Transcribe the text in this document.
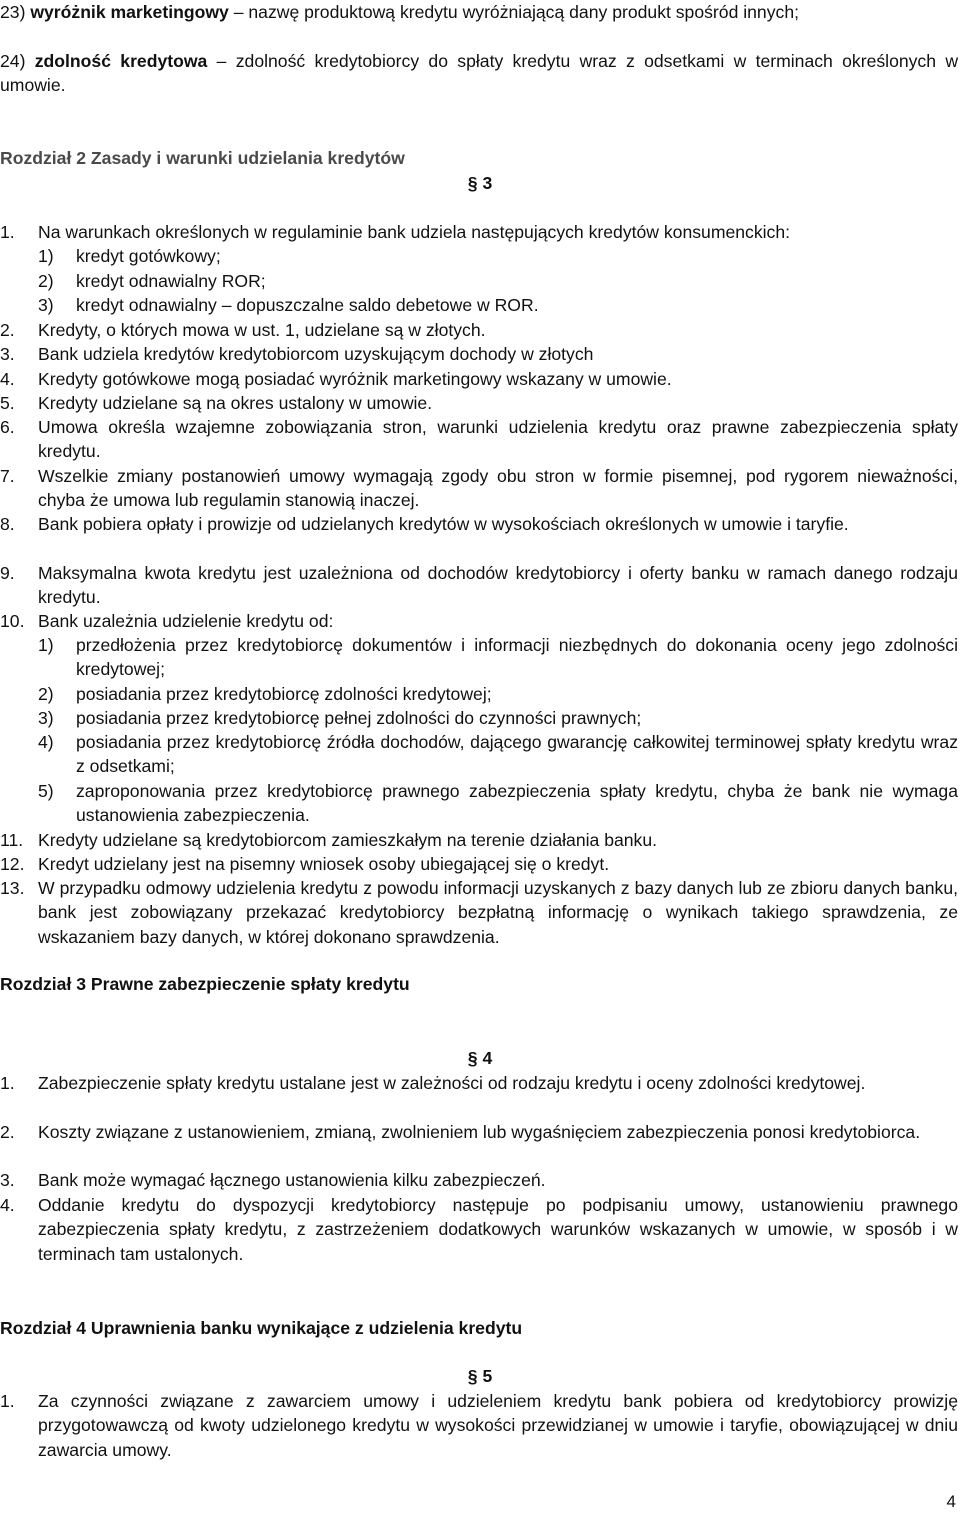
23) wyróżnik marketingowy – nazwę produktową kredytu wyróżniającą dany produkt spośród innych;
24) zdolność kredytowa – zdolność kredytobiorcy do spłaty kredytu wraz z odsetkami w terminach określonych w umowie.
Rozdział 2 Zasady i warunki udzielania kredytów
§ 3
1.	Na warunkach określonych w regulaminie bank udziela następujących kredytów konsumenckich:
1)	kredyt gotówkowy;
2)	kredyt odnawialny ROR;
3)	kredyt odnawialny – dopuszczalne saldo debetowe w ROR.
2.	Kredyty, o których mowa w ust. 1, udzielane są w złotych.
3.	Bank udziela kredytów kredytobiorcom uzyskującym dochody w złotych
4.	Kredyty gotówkowe mogą posiadać wyróżnik marketingowy wskazany w umowie.
5.	Kredyty udzielane są na okres ustalony w umowie.
6.	Umowa określa wzajemne zobowiązania stron, warunki udzielenia kredytu oraz prawne zabezpieczenia spłaty kredytu.
7.	Wszelkie zmiany postanowień umowy wymagają zgody obu stron w formie pisemnej, pod rygorem nieważności, chyba że umowa lub regulamin stanowią inaczej.
8.	Bank pobiera opłaty i prowizje od udzielanych kredytów w wysokościach określonych w umowie i taryfie.
9.	Maksymalna kwota kredytu jest uzależniona od dochodów kredytobiorcy i oferty banku w ramach danego rodzaju kredytu.
10. Bank uzależnia udzielenie kredytu od:
1)	przedłożenia przez kredytobiorcę dokumentów i informacji niezbędnych do dokonania oceny jego zdolności kredytowej;
2)	posiadania przez kredytobiorcę zdolności kredytowej;
3)	posiadania przez kredytobiorcę pełnej zdolności do czynności prawnych;
4)	posiadania przez kredytobiorcę źródła dochodów, dającego gwarancję całkowitej terminowej spłaty kredytu wraz z odsetkami;
5)	zaproponowania przez kredytobiorcę prawnego zabezpieczenia spłaty kredytu, chyba że bank nie wymaga ustanowienia zabezpieczenia.
11. Kredyty udzielane są kredytobiorcom zamieszkałym na terenie działania banku.
12. Kredyt udzielany jest na pisemny wniosek osoby ubiegającej się o kredyt.
13. W przypadku odmowy udzielenia kredytu z powodu informacji uzyskanych z bazy danych lub ze zbioru danych banku, bank jest zobowiązany przekazać kredytobiorcy bezpłatną informację o wynikach takiego sprawdzenia, ze wskazaniem bazy danych, w której dokonano sprawdzenia.
Rozdział 3 Prawne zabezpieczenie spłaty kredytu
§ 4
1.	Zabezpieczenie spłaty kredytu ustalane jest w zależności od rodzaju kredytu i oceny zdolności kredytowej.
2.	Koszty związane z ustanowieniem, zmianą, zwolnieniem lub wygaśnięciem zabezpieczenia ponosi kredytobiorca.
3.	Bank może wymagać łącznego ustanowienia kilku zabezpieczeń.
4.	Oddanie kredytu do dyspozycji kredytobiorcy następuje po podpisaniu umowy, ustanowieniu prawnego zabezpieczenia spłaty kredytu, z zastrzeżeniem dodatkowych warunków wskazanych w umowie, w sposób i w terminach tam ustalonych.
Rozdział 4 Uprawnienia banku wynikające z udzielenia kredytu
§ 5
1.	Za czynności związane z zawarciem umowy i udzieleniem kredytu bank pobiera od kredytobiorcy prowizję przygotowawczą od kwoty udzielonego kredytu w wysokości przewidzianej w umowie i taryfie, obowiązującej w dniu zawarcia umowy.
4
